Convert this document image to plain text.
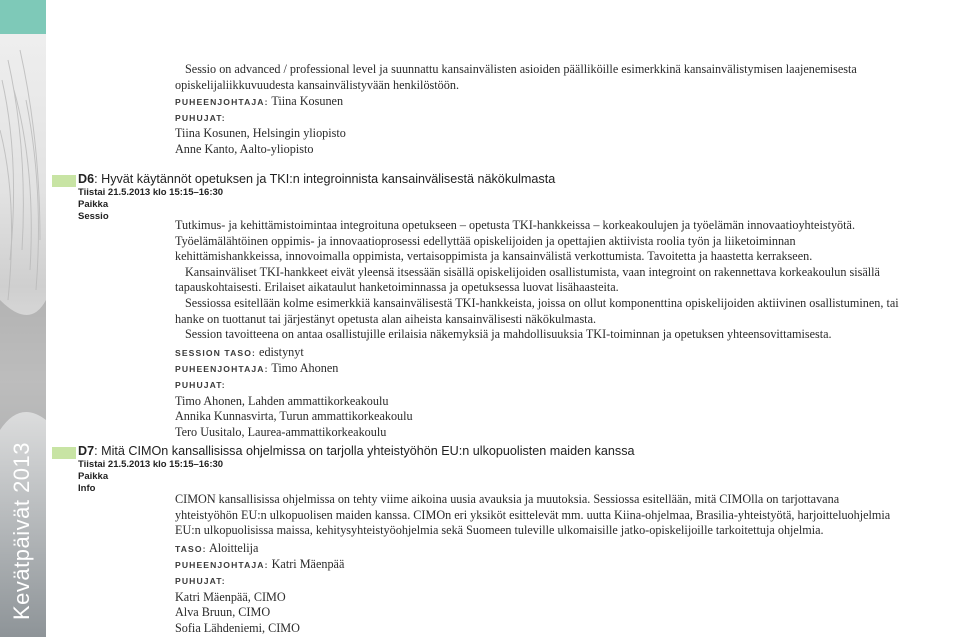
Kevätpäivät 2013

Sessio on advanced / professional level ja suunnattu kansainvälisten asioiden päälliköille esimerkkinä kansainvälistymisen laajenemisesta opiskelijaliikkuvuudesta kansainvälistyvään henkilöstöön.

PUHEENJOHTAJA: Tiina Kosunen
PUHUJAT:
Tiina Kosunen, Helsingin yliopisto
Anne Kanto, Aalto-yliopisto
D6: Hyvät käytännöt opetuksen ja TKI:n integroinnista kansainvälisestä näkökulmasta
Tiistai 21.5.2013 klo 15:15–16:30
Paikka
Sessio

Tutkimus- ja kehittämistoimintaa integroituna opetukseen – opetusta TKI-hankkeissa – korkeakoulujen ja työelämän innovaatioyhteistyötä. Työelämälähtöinen oppimis- ja innovaatioprosessi edellyttää opiskelijoiden ja opettajien aktiivista roolia työn ja liiketoiminnan kehittämishankkeissa, innovoimalla oppimista, vertaisoppimista ja kansainvälistä verkottumista. Tavoitetta ja haastetta kerrakseen.

Kansainväliset TKI-hankkeet eivät yleensä itsessään sisällä opiskelijoiden osallistumista, vaan integroint on rakennettava korkeakoulun sisällä tapauskohtaisesti. Erilaiset aikataulut hanketoiminnassa ja opetuksessa luovat lisähaasteita.

Sessiossa esitellään kolme esimerkkiä kansainvälisestä TKI-hankkeista, joissa on ollut komponenttina opiskelijoiden aktiivinen osallistuminen, tai hanke on tuottanut tai järjestänyt opetusta alan aiheista kansainvälisesti näkökulmasta.

Session tavoitteena on antaa osallistujille erilaisia näkemyksiä ja mahdollisuuksia TKI-toiminnan ja opetuksen yhteensovittamisesta.

SESSION TASO: edistynyt
PUHEENJOHTAJA: Timo Ahonen
PUHUJAT:
Timo Ahonen, Lahden ammattikorkeakoulu
Annika Kunnasvirta, Turun ammattikorkeakoulu
Tero Uusitalo, Laurea-ammattikorkeakoulu
D7: Mitä CIMOn kansallisissa ohjelmissa on tarjolla yhteistyöhön EU:n ulkopuolisten maiden kanssa
Tiistai 21.5.2013 klo 15:15–16:30
Paikka
Info

CIMON kansallisissa ohjelmissa on tehty viime aikoina uusia avauksia ja muutoksia. Sessiossa esitellään, mitä CIMOlla on tarjottavana yhteistyöhön EU:n ulkopuolisen maiden kanssa. CIMOn eri yksiköt esittelevät mm. uutta Kiina-ohjelmaa, Brasilia-yhteistyötä, harjoitteluohjelmia EU:n ulkopuolisissa maissa, kehitysyhteistyöohjelmia sekä Suomeen tuleville ulkomaisille jatko-opiskelijoille tarkoitettuja ohjelmia.

TASO: Aloittelija
PUHEENJOHTAJA: Katri Mäenpää
PUHUJAT:
Katri Mäenpää, CIMO
Alva Bruun, CIMO
Sofia Lähdeniemi, CIMO
